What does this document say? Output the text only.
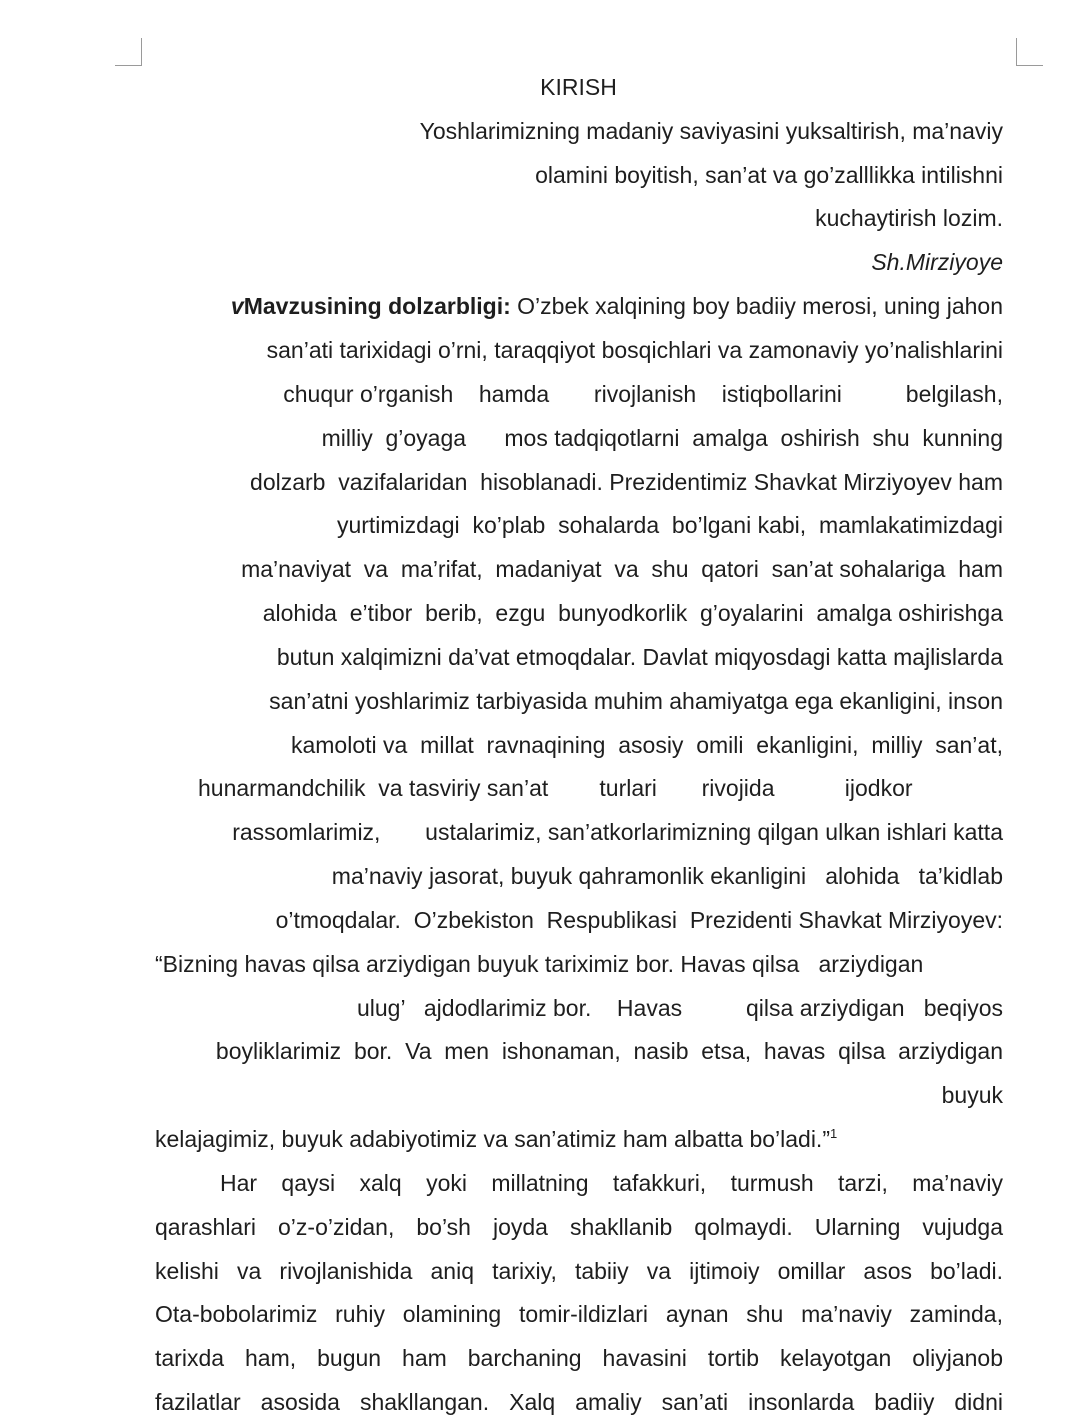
KIRISH
Yoshlarimizning madaniy saviyasini yuksaltirish, ma’naviy
olamini boyitish, san’at va go’zalllikka intilishni
kuchaytirish lozim.
Sh.Mirziyoye
vMavzusining dolzarbligi: O’zbek xalqining boy badiiy merosi, uning jahon
san’ati tarixidagi o’rni, taraqqiyot bosqichlari va zamonaviy yo’nalishlarini
chuqur o’rganish    hamda       rivojlanish    istiqbollarini          belgilash,
milliy  g’oyaga      mos tadqiqotlarni  amalga  oshirish  shu  kunning
dolzarb  vazifalaridan  hisoblanadi. Prezidentimiz Shavkat Mirziyoyev ham
yurtimizdagi  ko’plab  sohalarda  bo’lgani kabi,  mamlakatimizdagi
ma’naviyat  va  ma’rifat,  madaniyat  va  shu  qatori  san’at sohalariga  ham
alohida  e’tibor  berib,  ezgu  bunyodkorlik  g’oyalarini  amalga oshirishga
butun xalqimizni da’vat etmoqdalar. Davlat miqyosdagi katta majlislarda
san’atni yoshlarimiz tarbiyasida muhim ahamiyatga ega ekanligini, inson
kamoloti va  millat  ravnaqining  asosiy  omili  ekanligini,  milliy  san’at,
hunarmandchilik  va tasviriy san’at        turlari       rivojida           ijodkor
rassomlarimiz,       ustalarimiz, san’atkorlarimizning qilgan ulkan ishlari katta
ma’naviy jasorat, buyuk qahramonlik ekanligini   alohida   ta’kidlab
o’tmoqdalar.  O’zbekiston  Respublikasi  Prezidenti Shavkat Mirziyoyev:
“Bizning havas qilsa arziydigan buyuk tariximiz bor. Havas qilsa   arziydigan
ulug’   ajdodlarimiz bor.    Havas          qilsa arziydigan   beqiyos
boyliklarimiz  bor.  Va  men  ishonaman,  nasib  etsa,  havas  qilsa  arziydigan
buyuk
kelajagimiz, buyuk adabiyotimiz va san’atimiz ham albatta bo’ladi.”$^1$
Har qaysi xalq yoki millatning tafakkuri, turmush tarzi, ma’naviy
qarashlari o’z-o’zidan, bo’sh joyda shakllanib qolmaydi. Ularning vujudga
kelishi va rivojlanishida aniq tarixiy, tabiiy va ijtimoiy omillar asos bo’ladi.
Ota-bobolarimiz ruhiy olamining tomir-ildizlari aynan shu ma’naviy zaminda,
tarixda ham, bugun ham barchaning havasini tortib kelayotgan oliyjanob
fazilatlar asosida shakllangan. Xalq amaliy san’ati insonlarda badiiy didni
